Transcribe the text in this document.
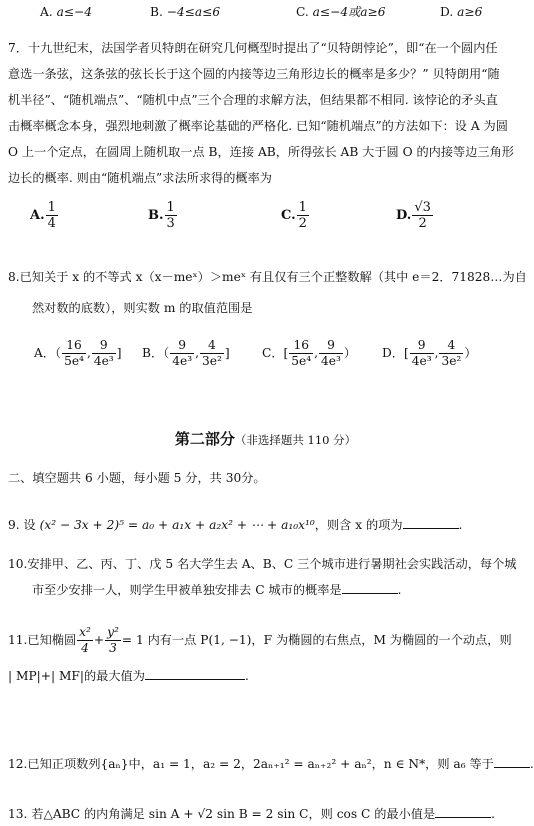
A. a≤−4	B. −4≤a≤6	C. a≤−4或a≥6	D. a≥6
7．十九世纪末，法国学者贝特朗在研究几何概型时提出了“贝特朗悖论”，即“在一个圆内任
意选一条弦，这条弦的弦长长于这个圆的内接等边三角形边长的概率是多少？” 贝特朗用“随
机半径”、“随机端点”、“随机中点”三个合理的求解方法，但结果都不相同. 该悖论的矛头直
击概率概念本身，强烈地刺激了概率论基础的严格化. 已知“随机端点”的方法如下：设 A 为圆
O 上一个定点，在圆周上随机取一点 B，连接 AB，所得弦长 AB 大于圆 O 的内接等边三角形
边长的概率. 则由“随机端点”求法所求得的概率为
A. $\frac{1}{4}$	B. $\frac{1}{3}$	C. $\frac{1}{2}$	D. $\frac{√3}{2}$
8.已知关于 x 的不等式 x（x－meˣ）＞meˣ 有且仅有三个正整数解（其中 e＝2．71828…为自
然对数的底数），则实数 m 的取值范围是
A．（ $\frac{16}{\text{5e⁴}}$ , $\frac{9}{\text{4e³}}$ ] B．（ $\frac{9}{\text{4e³}}$ , $\frac{4}{\text{3e²}}$ ]	C．[ $\frac{16}{\text{5e⁴}}$ , $\frac{9}{\text{4e³}}$ ） D．[ $\frac{9}{\text{4e³}}$ , $\frac{4}{\text{3e²}}$ ）
第二部分（非选择题共 110 分）
二、填空题共 6 小题，每小题 5 分，共 30分。
9. 设 (x² − 3x + 2)⁵ = a₀ + a₁x + a₂x² + ⋯ + a₁₀x¹⁰，则含 x 的项为	.
10.安排甲、乙、丙、丁、戊 5 名大学生去 A、B、C 三个城市进行暑期社会实践活动，每个城
市至少安排一人，则学生甲被单独安排去 C 城市的概率是	.
11.已知椭圆 $\frac{\text{x²}}{4} + \frac{\text{y²}}{3} = 1$ 内有一点 P(1, −1)，F 为椭圆的右焦点，M 为椭圆的一个动点，则
| MP|+| MF|的最大值为	.
12.已知正项数列{aₙ}中，a₁ = 1，a₂ = 2，2aₙ₊₁² = aₙ₊₂² + aₙ²，n ∈ N*，则 a₆ 等于	.
13. 若△ABC 的内角满足 sin A + √2 sin B = 2 sin C，则 cos C 的最小值是	.
